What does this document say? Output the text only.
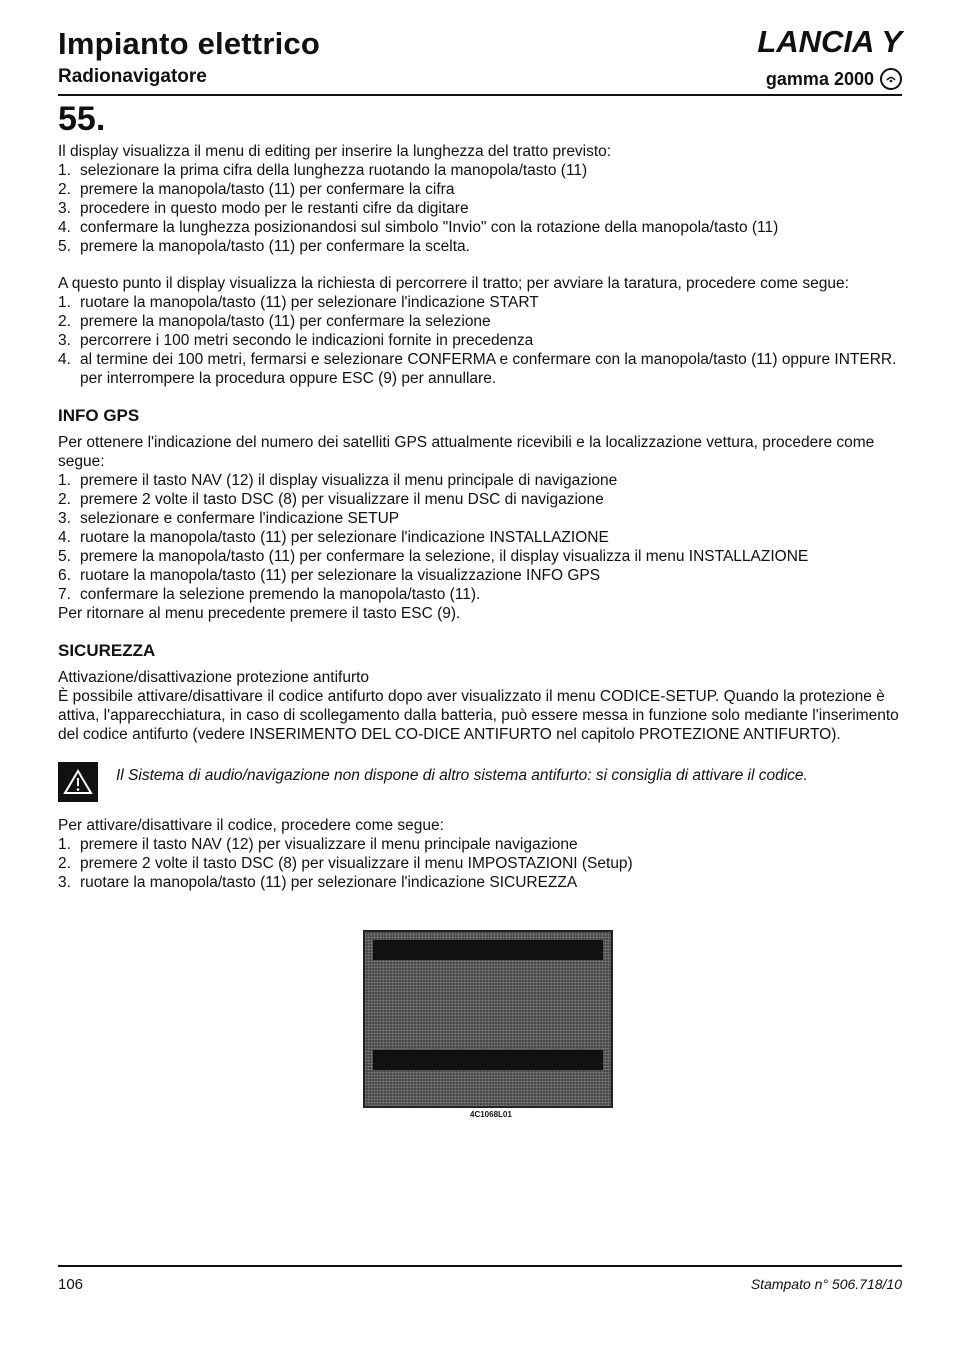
Impianto elettrico
Radionavigatore
LANCIA Y
gamma 2000
55.

Il display visualizza il menu di editing per inserire la lunghezza del tratto previsto:

1. selezionare la prima cifra della lunghezza ruotando la manopola/tasto (11)
2. premere la manopola/tasto (11) per confermare la cifra
3. procedere in questo modo per le restanti cifre da digitare
4. confermare la lunghezza posizionandosi sul simbolo "Invio" con la rotazione della manopola/tasto (11)
5. premere la manopola/tasto (11) per confermare la scelta.

A questo punto il display visualizza la richiesta di percorrere il tratto; per avviare la taratura, procedere come segue:

1. ruotare la manopola/tasto (11) per selezionare l'indicazione START
2. premere la manopola/tasto (11) per confermare la selezione
3. percorrere i 100 metri secondo le indicazioni fornite in precedenza
4. al termine dei 100 metri, fermarsi e selezionare CONFERMA e confermare con la manopola/tasto (11) oppure INTERR. per interrompere la procedura oppure ESC (9) per annullare.
INFO GPS

Per ottenere l'indicazione del numero dei satelliti GPS attualmente ricevibili e la localizzazione vettura, procedere come segue:

1. premere il tasto NAV (12) il display visualizza il menu principale di navigazione
2. premere 2 volte il tasto DSC (8) per visualizzare il menu DSC di navigazione
3. selezionare e confermare l'indicazione SETUP
4. ruotare la manopola/tasto (11) per selezionare l'indicazione INSTALLAZIONE
5. premere la manopola/tasto (11) per confermare la selezione, il display visualizza il menu INSTALLAZIONE
6. ruotare la manopola/tasto (11) per selezionare la visualizzazione INFO GPS
7. confermare la selezione premendo la manopola/tasto (11).

Per ritornare al menu precedente premere il tasto ESC (9).

SICUREZZA

Attivazione/disattivazione protezione antifurto

È possibile attivare/disattivare il codice antifurto dopo aver visualizzato il menu CODICE-SETUP. Quando la protezione è attiva, l'apparecchiatura, in caso di scollegamento dalla batteria, può essere messa in funzione solo mediante l'inserimento del codice antifurto (vedere INSERIMENTO DEL CO-DICE ANTIFURTO nel capitolo PROTEZIONE ANTIFURTO).

Il Sistema di audio/navigazione non dispone di altro sistema antifurto: si consiglia di attivare il codice.

Per attivare/disattivare il codice, procedere come segue:

1. premere il tasto NAV (12) per visualizzare il menu principale navigazione
2. premere 2 volte il tasto DSC (8) per visualizzare il menu IMPOSTAZIONI (Setup)
3. ruotare la manopola/tasto (11) per selezionare l'indicazione SICUREZZA
4C1068L01
106	Stampato n° 506.718/10
